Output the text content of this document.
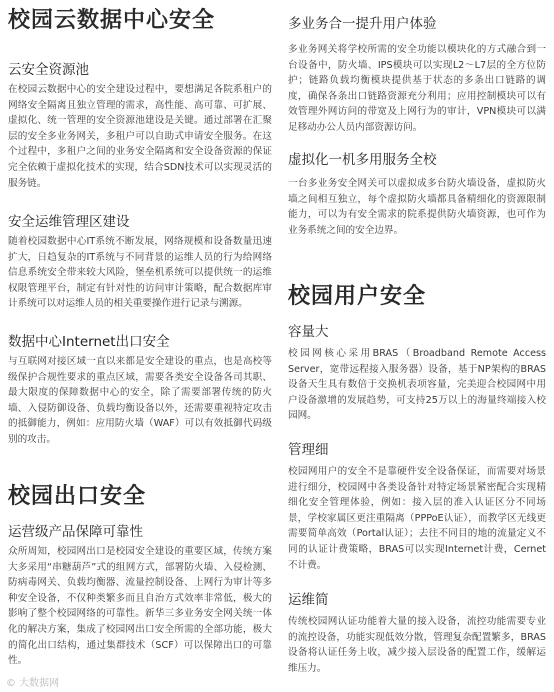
校园云数据中心安全
云安全资源池

在校园云数据中心的安全建设过程中，要想满足各院系租户的网络安全隔离且独立管理的需求，高性能、高可靠、可扩展、虚拟化、统一管理的安全资源池建设是关键。通过部署在汇聚层的安全多业务网关，多租户可以自助式申请安全服务。在这个过程中，多租户之间的业务安全隔离和安全设备资源的保证完全依赖于虚拟化技术的实现，结合SDN技术可以实现灵活的服务链。

安全运维管理区建设

随着校园数据中心IT系统不断发展，网络规模和设备数量迅速扩大，日趋复杂的IT系统与不同背景的运维人员的行为给网络信息系统安全带来较大风险，堡垒机系统可以提供统一的运维权限管理平台，制定有针对性的访问审计策略，配合数据库审计系统可以对运维人员的相关重要操作进行记录与溯源。

数据中心Internet出口安全

与互联网对接区域一直以来都是安全建设的重点，也是高校等级保护合规性要求的重点区域，需要各类安全设备各司其职、最大限度的保障数据中心的安全，除了需要部署传统的防火墙、入侵防御设备、负载均衡设备以外，还需要重视特定攻击的抵御能力，例如：应用防火墙（WAF）可以有效抵御代码级别的攻击。

校园出口安全
运营级产品保障可靠性

众所周知，校园网出口是校园安全建设的重要区域，传统方案大多采用“串糖葫芦”式的组网方式，部署防火墙、入侵检测、防病毒网关、负载均衡器、流量控制设备、上网行为审计等多种安全设备，不仅种类繁多而且自治方式效率非常低，极大的影响了整个校园网络的可靠性。新华三多业务安全网关统一体化的解决方案，集成了校园网出口安全所需的全部功能，极大的简化出口结构，通过集群技术（SCF）可以保障出口的可靠性。

多业务合一提升用户体验

多业务网关将学校所需的安全功能以模块化的方式融合到一台设备中，防火墙、IPS模块可以实现L2～L7层的全方位防护；链路负载均衡模块提供基于状态的多条出口链路的调度，确保各条出口链路资源充分利用；应用控制模块可以有效管理外网访问的带宽及上网行为的审计，VPN模块可以满足移动办公人员内部资源访问。

虚拟化一机多用服务全校

一台多业务安全网关可以虚拟成多台防火墙设备，虚拟防火墙之间相互独立，每个虚拟防火墙都具备精细化的资源限制能力，可以为有安全需求的院系提供防火墙资源，也可作为业务系统之间的安全边界。

校园用户安全
容量大

校园网核心采用BRAS（Broadband Remote Access Server，宽带远程接入服务器）设备，基于NP架构的BRAS设备天生具有数倍于交换机表项容量，完美迎合校园网中用户设备激增的发展趋势，可支持25万以上的海量终端接入校园网。

管理细

校园网用户的安全不是靠硬件安全设备保证，而需要对场景进行细分，校园网中各类设备针对特定场景紧密配合实现精细化安全管理体验，例如：接入层的准入认证区分不同场景，学校家属区更注重隔离（PPPoE认证），而教学区无线更需要简单高效（Portal认证）；去往不同目的地的流量定义不同的认证计费策略，BRAS可以实现Internet计费，Cernet不计费。

运维简

传统校园网认证功能着大量的接入设备，流控功能需要专业的流控设备，功能实现低效分散，管理复杂配置繁多，BRAS设备将认证任务上收，减少接入层设备的配置工作，缓解运维压力。

© 大数据网
